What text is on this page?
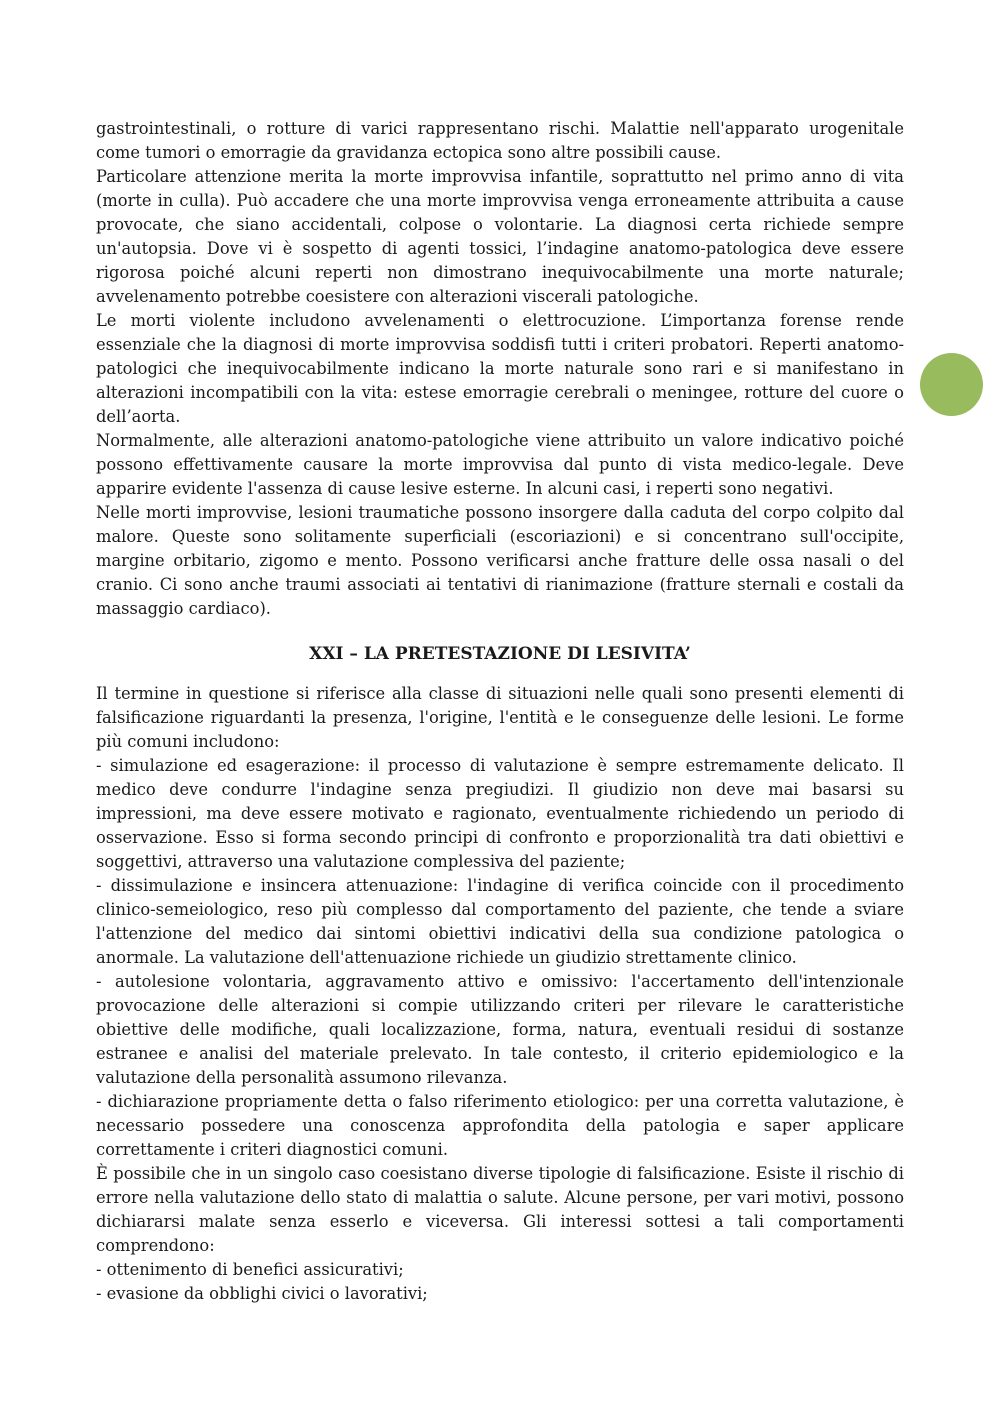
gastrointestinali, o rotture di varici rappresentano rischi. Malattie nell'apparato urogenitale come tumori o emorragie da gravidanza ectopica sono altre possibili cause.

Particolare attenzione merita la morte improvvisa infantile, soprattutto nel primo anno di vita (morte in culla). Può accadere che una morte improvvisa venga erroneamente attribuita a cause provocate, che siano accidentali, colpose o volontarie. La diagnosi certa richiede sempre un'autopsia. Dove vi è sospetto di agenti tossici, l’indagine anatomo-patologica deve essere rigorosa poiché alcuni reperti non dimostrano inequivocabilmente una morte naturale; avvelenamento potrebbe coesistere con alterazioni viscerali patologiche.

Le morti violente includono avvelenamenti o elettrocuzione. L’importanza forense rende essenziale che la diagnosi di morte improvvisa soddisfi tutti i criteri probatori. Reperti anatomo-patologici che inequivocabilmente indicano la morte naturale sono rari e si manifestano in alterazioni incompatibili con la vita: estese emorragie cerebrali o meningee, rotture del cuore o dell’aorta.

Normalmente, alle alterazioni anatomo-patologiche viene attribuito un valore indicativo poiché possono effettivamente causare la morte improvvisa dal punto di vista medico-legale. Deve apparire evidente l'assenza di cause lesive esterne. In alcuni casi, i reperti sono negativi.

Nelle morti improvvise, lesioni traumatiche possono insorgere dalla caduta del corpo colpito dal malore. Queste sono solitamente superficiali (escoriazioni) e si concentrano sull'occipite, margine orbitario, zigomo e mento. Possono verificarsi anche fratture delle ossa nasali o del cranio. Ci sono anche traumi associati ai tentativi di rianimazione (fratture sternali e costali da massaggio cardiaco).

XXI – LA PRETESTAZIONE DI LESIVITA’

Il termine in questione si riferisce alla classe di situazioni nelle quali sono presenti elementi di falsificazione riguardanti la presenza, l'origine, l'entità e le conseguenze delle lesioni. Le forme più comuni includono:

- simulazione ed esagerazione: il processo di valutazione è sempre estremamente delicato. Il medico deve condurre l'indagine senza pregiudizi. Il giudizio non deve mai basarsi su impressioni, ma deve essere motivato e ragionato, eventualmente richiedendo un periodo di osservazione. Esso si forma secondo principi di confronto e proporzionalità tra dati obiettivi e soggettivi, attraverso una valutazione complessiva del paziente;

- dissimulazione e insincera attenuazione: l'indagine di verifica coincide con il procedimento clinico-semeiologico, reso più complesso dal comportamento del paziente, che tende a sviare l'attenzione del medico dai sintomi obiettivi indicativi della sua condizione patologica o anormale. La valutazione dell'attenuazione richiede un giudizio strettamente clinico.

- autolesione volontaria, aggravamento attivo e omissivo: l'accertamento dell'intenzionale provocazione delle alterazioni si compie utilizzando criteri per rilevare le caratteristiche obiettive delle modifiche, quali localizzazione, forma, natura, eventuali residui di sostanze estranee e analisi del materiale prelevato. In tale contesto, il criterio epidemiologico e la valutazione della personalità assumono rilevanza.

- dichiarazione propriamente detta o falso riferimento etiologico: per una corretta valutazione, è necessario possedere una conoscenza approfondita della patologia e saper applicare correttamente i criteri diagnostici comuni.

È possibile che in un singolo caso coesistano diverse tipologie di falsificazione. Esiste il rischio di errore nella valutazione dello stato di malattia o salute. Alcune persone, per vari motivi, possono dichiararsi malate senza esserlo e viceversa. Gli interessi sottesi a tali comportamenti comprendono:

- ottenimento di benefici assicurativi;

- evasione da obblighi civici o lavorativi;
